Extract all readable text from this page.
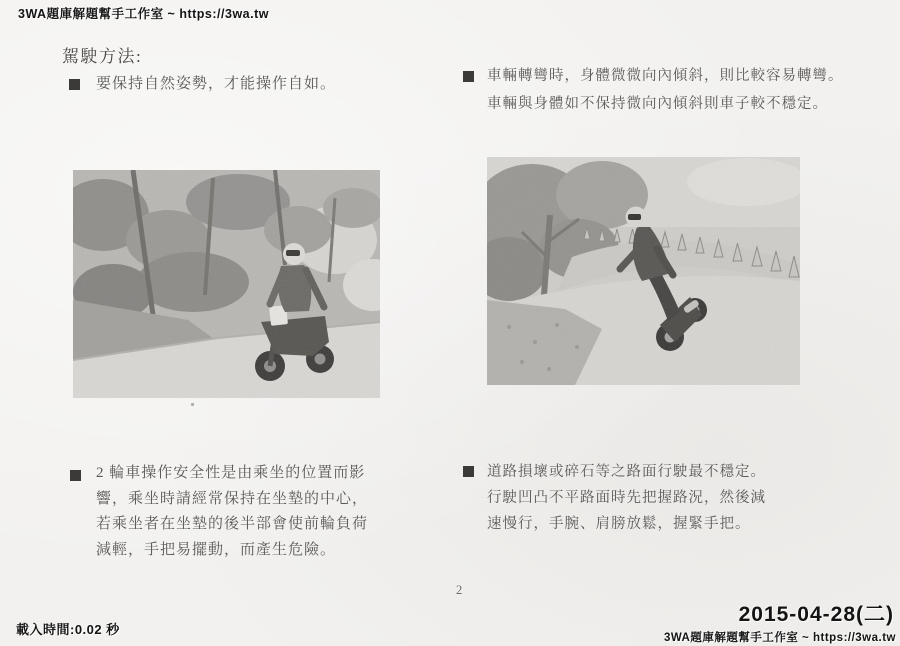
3WA題庫解題幫手工作室 ~ https://3wa.tw
載入時間:0.02 秒
2015-04-28(二)
3WA題庫解題幫手工作室 ~ https://3wa.tw
駕駛方法:
要保持自然姿勢，才能操作自如。	車輛轉彎時，身體微微向內傾斜，則比較容易轉彎。
車輛與身體如不保持微向內傾斜則車子較不穩定。
2 輪車操作安全性是由乘坐的位置而影
響，乘坐時請經常保持在坐墊的中心，
若乘坐者在坐墊的後半部會使前輪負荷
減輕，手把易擺動，而產生危險。
道路損壞或碎石等之路面行駛最不穩定。
行駛凹凸不平路面時先把握路況，然後減
速慢行，手腕、肩膀放鬆，握緊手把。
2
